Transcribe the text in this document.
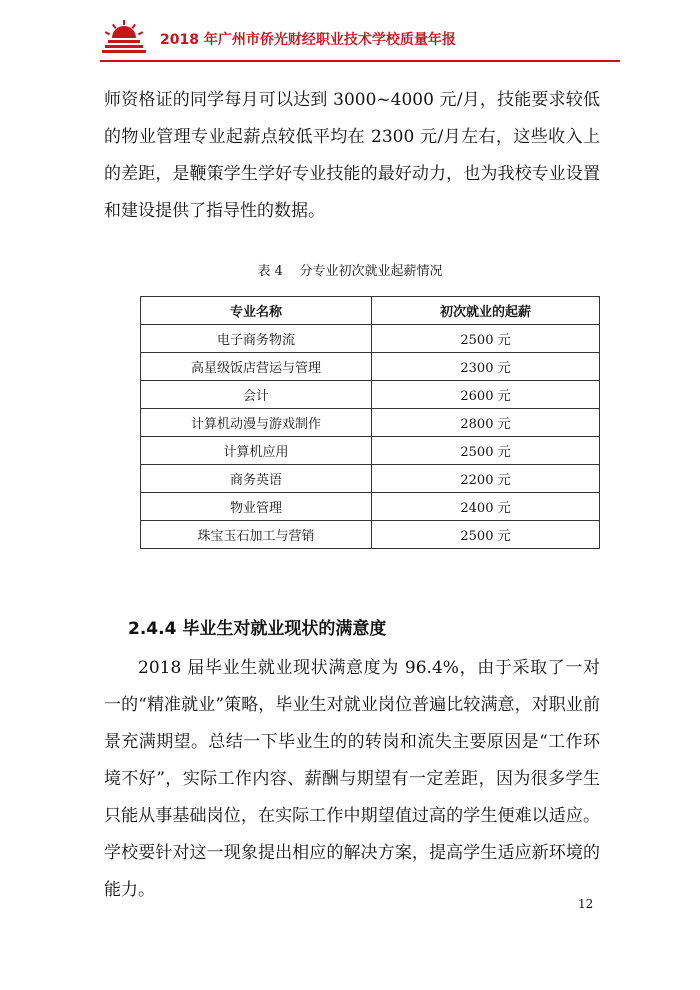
2018 年广州市侨光财经职业技术学校质量年报

师资格证的同学每月可以达到 3000~4000 元/月，技能要求较低的物业管理专业起薪点较低平均在 2300 元/月左右，这些收入上的差距，是鞭策学生学好专业技能的最好动力，也为我校专业设置和建设提供了指导性的数据。

表 4    分专业初次就业起薪情况
专业名称	初次就业的起薪
电子商务物流	2500 元
高星级饭店营运与管理	2300 元
会计	2600 元
计算机动漫与游戏制作	2800 元
计算机应用	2500 元
商务英语	2200 元
物业管理	2400 元
珠宝玉石加工与营销	2500 元
2.4.4 毕业生对就业现状的满意度

2018 届毕业生就业现状满意度为 96.4%，由于采取了一对一的“精准就业”策略，毕业生对就业岗位普遍比较满意，对职业前景充满期望。总结一下毕业生的的转岗和流失主要原因是“工作环境不好”，实际工作内容、薪酬与期望有一定差距，因为很多学生只能从事基础岗位，在实际工作中期望值过高的学生便难以适应。学校要针对这一现象提出相应的解决方案，提高学生适应新环境的能力。

12
